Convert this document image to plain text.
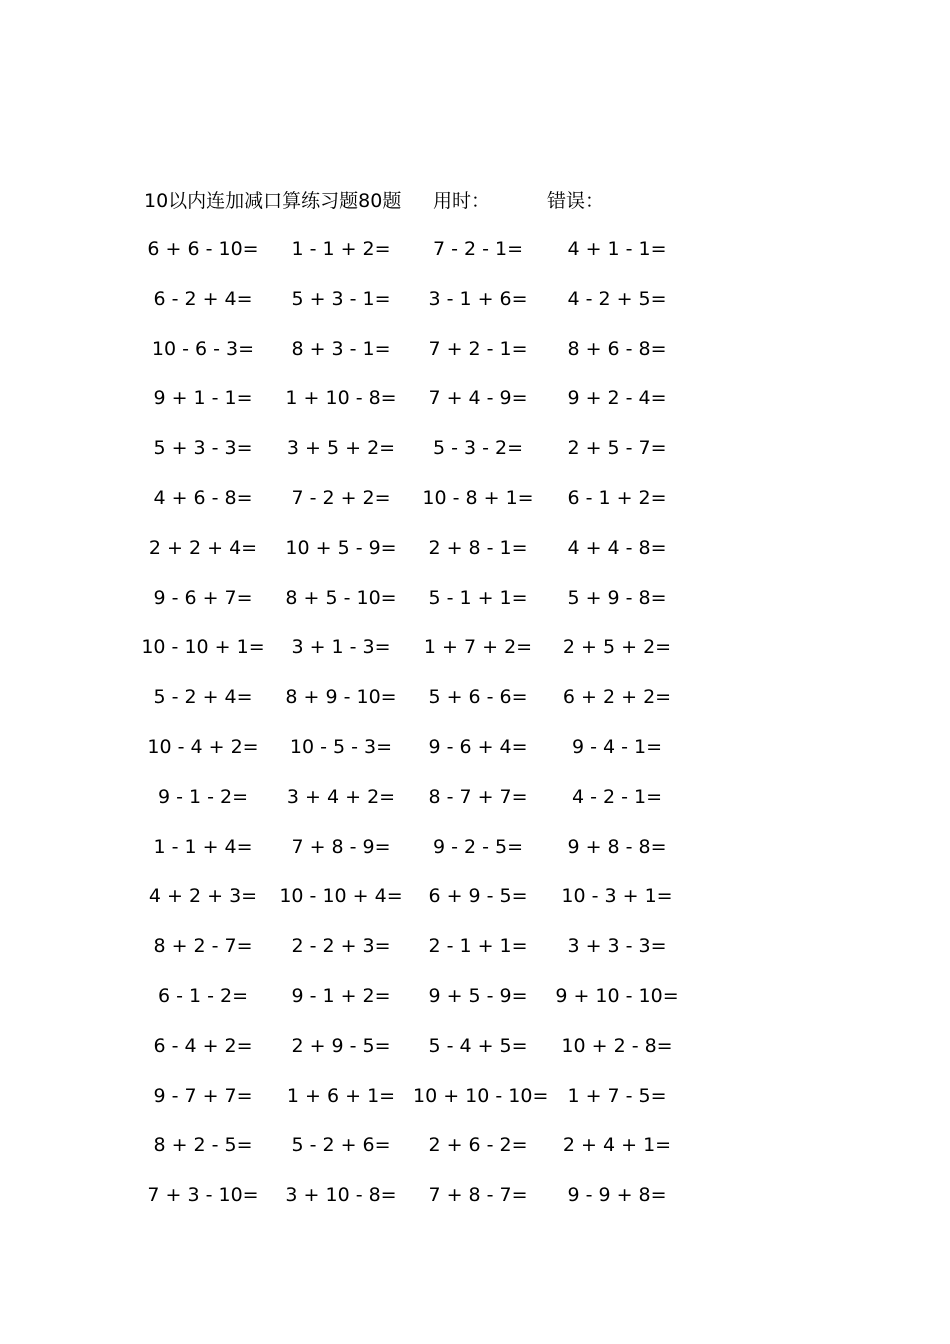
10以内连加减口算练习题80题 用时：	错误：
6 + 6 - 10=	1 - 1 + 2=	7 - 2 - 1=	4 + 1 - 1=
6 - 2 + 4=	5 + 3 - 1=	3 - 1 + 6=	4 - 2 + 5=
10 - 6 - 3=	8 + 3 - 1=	7 + 2 - 1=	8 + 6 - 8=
9 + 1 - 1=	1 + 10 - 8=	7 + 4 - 9=	9 + 2 - 4=
5 + 3 - 3=	3 + 5 + 2=	5 - 3 - 2=	2 + 5 - 7=
4 + 6 - 8=	7 - 2 + 2=	10 - 8 + 1=	6 - 1 + 2=
2 + 2 + 4=	10 + 5 - 9=	2 + 8 - 1=	4 + 4 - 8=
9 - 6 + 7=	8 + 5 - 10=	5 - 1 + 1=	5 + 9 - 8=
10 - 10 + 1=	3 + 1 - 3=	1 + 7 + 2=	2 + 5 + 2=
5 - 2 + 4=	8 + 9 - 10=	5 + 6 - 6=	6 + 2 + 2=
10 - 4 + 2=	10 - 5 - 3=	9 - 6 + 4=	9 - 4 - 1=
9 - 1 - 2=	3 + 4 + 2=	8 - 7 + 7=	4 - 2 - 1=
1 - 1 + 4=	7 + 8 - 9=	9 - 2 - 5=	9 + 8 - 8=
4 + 2 + 3=	10 - 10 + 4=	6 + 9 - 5=	10 - 3 + 1=
8 + 2 - 7=	2 - 2 + 3=	2 - 1 + 1=	3 + 3 - 3=
6 - 1 - 2=	9 - 1 + 2=	9 + 5 - 9=	9 + 10 - 10=
6 - 4 + 2=	2 + 9 - 5=	5 - 4 + 5=	10 + 2 - 8=
9 - 7 + 7=	1 + 6 + 1= 10 + 10 - 10=	1 + 7 - 5=
8 + 2 - 5=	5 - 2 + 6=	2 + 6 - 2=	2 + 4 + 1=
7 + 3 - 10=	3 + 10 - 8=	7 + 8 - 7=	9 - 9 + 8=
